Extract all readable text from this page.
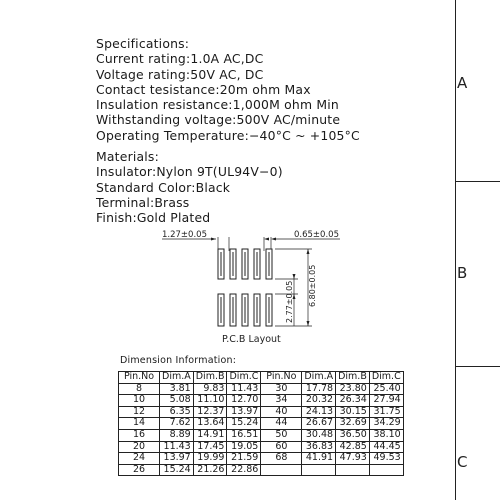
A
B
C
Specifications:
Current rating:1.0A AC,DC
Voltage rating:50V AC, DC
Contact tesistance:20m ohm Max
Insulation resistance:1,000M ohm Min
Withstanding voltage:500V AC/minute
Operating Temperature:−40°C ~ +105°C
Materials:
Insulator:Nylon 9T(UL94V−0)
Standard Color:Black
Terminal:Brass
Finish:Gold Plated
1.27±0.05	0.65±0.05
6.80±0.05
2.77±0.05
P.C.B Layout
Dimension Information:
Pin.No	Dim.A	Dim.B	Dim.C	Pin.No	Dim.A	Dim.B	Dim.C
8	3.81	9.83	11.43	30	17.78	23.80	25.40
10	5.08	11.10	12.70	34	20.32	26.34	27.94
12	6.35	12.37	13.97	40	24.13	30.15	31.75
14	7.62	13.64	15.24	44	26.67	32.69	34.29
16	8.89	14.91	16.51	50	30.48	36.50	38.10
20	11.43	17.45	19.05	60	36.83	42.85	44.45
24	13.97	19.99	21.59	68	41.91	47.93	49.53
26	15.24	21.26	22.86				
